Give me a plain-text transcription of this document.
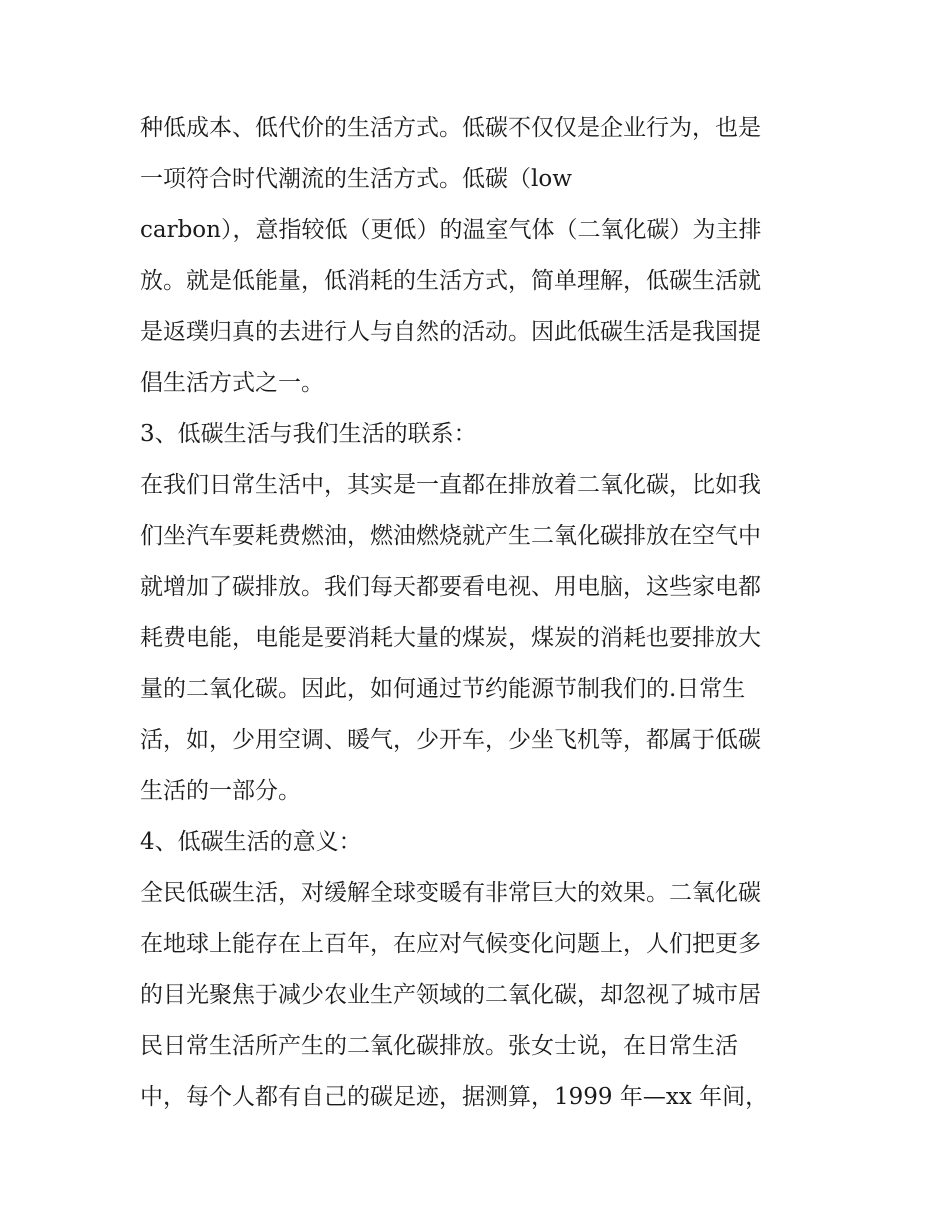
种低成本、低代价的生活方式。低碳不仅仅是企业行为，也是
一项符合时代潮流的生活方式。低碳（low
carbon），意指较低（更低）的温室气体（二氧化碳）为主排
放。就是低能量，低消耗的生活方式，简单理解，低碳生活就
是返璞归真的去进行人与自然的活动。因此低碳生活是我国提
倡生活方式之一。
3、低碳生活与我们生活的联系：
在我们日常生活中，其实是一直都在排放着二氧化碳，比如我
们坐汽车要耗费燃油，燃油燃烧就产生二氧化碳排放在空气中
就增加了碳排放。我们每天都要看电视、用电脑，这些家电都
耗费电能，电能是要消耗大量的煤炭，煤炭的消耗也要排放大
量的二氧化碳。因此，如何通过节约能源节制我们的.日常生
活，如，少用空调、暖气，少开车，少坐飞机等，都属于低碳
生活的一部分。
4、低碳生活的意义：
全民低碳生活，对缓解全球变暖有非常巨大的效果。二氧化碳
在地球上能存在上百年，在应对气候变化问题上，人们把更多
的目光聚焦于减少农业生产领域的二氧化碳，却忽视了城市居
民日常生活所产生的二氧化碳排放。张女士说，在日常生活
中，每个人都有自己的碳足迹，据测算，1999 年—xx 年间，
